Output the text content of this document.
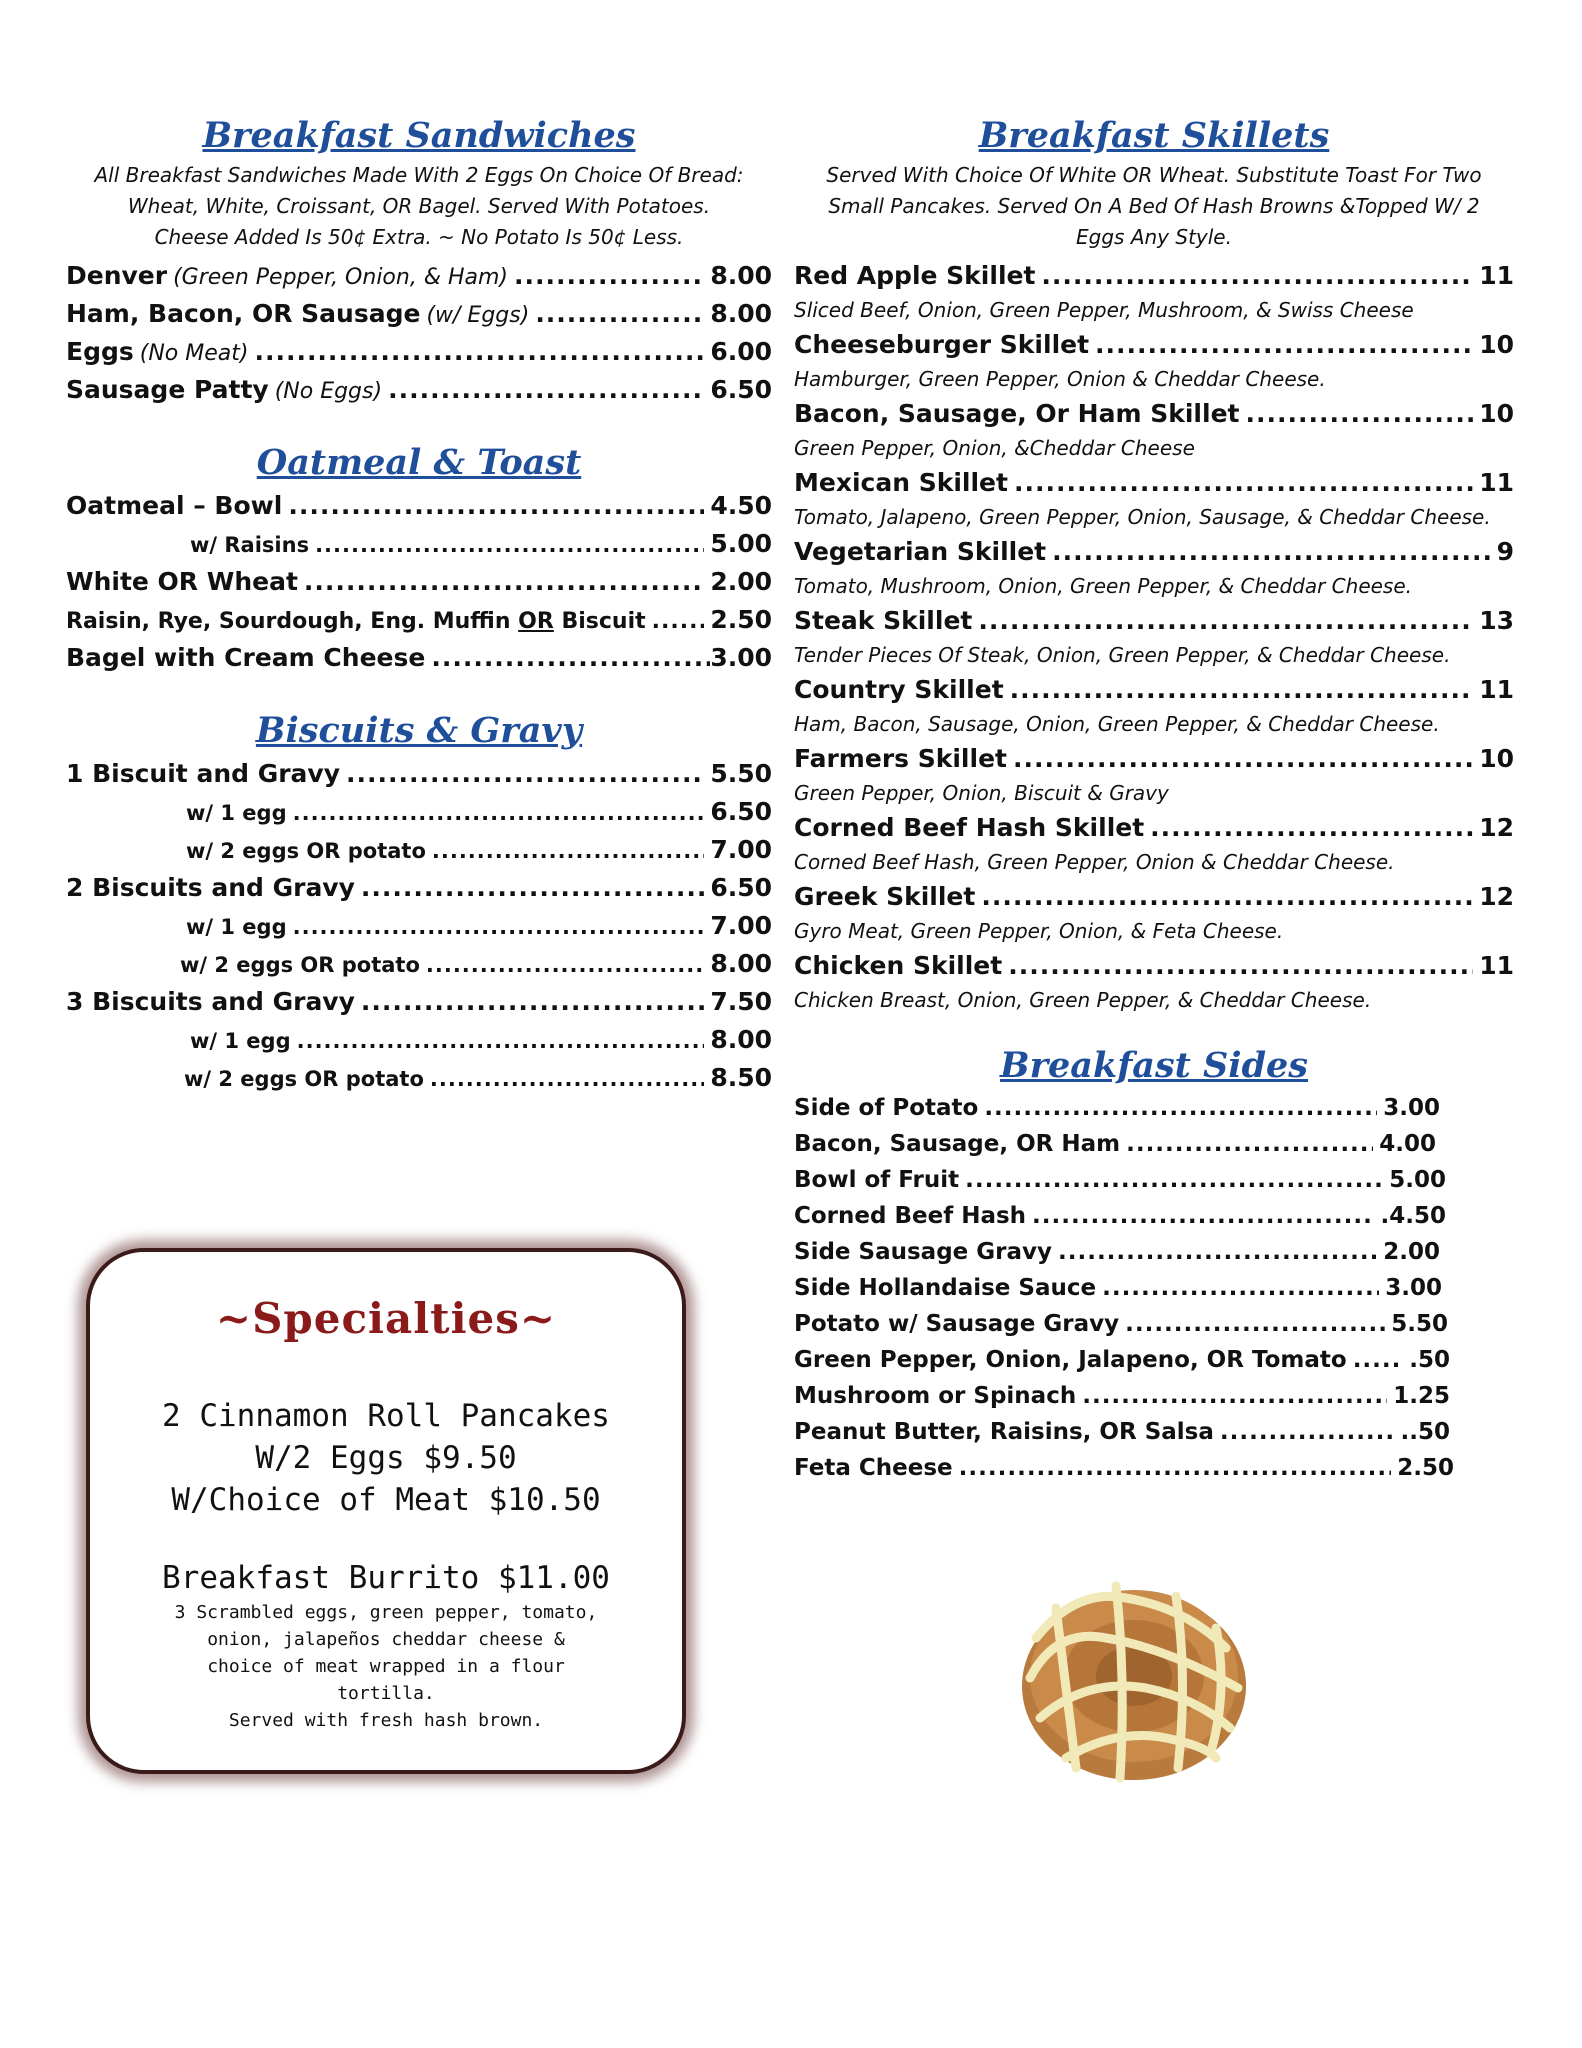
Breakfast Sandwiches
All Breakfast Sandwiches Made With 2 Eggs On Choice Of Bread:
Wheat, White, Croissant, OR Bagel. Served With Potatoes.
Cheese Added Is 50¢ Extra. ~ No Potato Is 50¢ Less.
Denver (Green Pepper, Onion, & Ham) .....	8.00
Ham, Bacon, OR Sausage (w/ Eggs) .....	8.00
Eggs (No Meat) .....	6.00
Sausage Patty (No Eggs) .....	6.50
Oatmeal & Toast
Oatmeal – Bowl .....	4.50
w/ Raisins .....	5.00
White OR Wheat .....	2.00
Raisin, Rye, Sourdough, Eng. Muffin OR Biscuit .....	2.50
Bagel with Cream Cheese .....	3.00
Biscuits & Gravy
1 Biscuit and Gravy .....	5.50
w/ 1 egg .....	6.50
w/ 2 eggs OR potato .....	7.00
2 Biscuits and Gravy .....	6.50
w/ 1 egg .....	7.00
w/ 2 eggs OR potato .....	8.00
3 Biscuits and Gravy .....	7.50
w/ 1 egg .....	8.00
w/ 2 eggs OR potato .....	8.50
~Specialties~
2 Cinnamon Roll Pancakes
W/2 Eggs $9.50
W/Choice of Meat $10.50
Breakfast Burrito $11.00
3 Scrambled eggs, green pepper, tomato,
onion, jalapeños cheddar cheese &
choice of meat wrapped in a flour
tortilla.
Served with fresh hash brown.
Breakfast Skillets
Served With Choice Of White OR Wheat. Substitute Toast For Two
Small Pancakes. Served On A Bed Of Hash Browns &Topped W/ 2
Eggs Any Style.
Red Apple Skillet .....	11
Sliced Beef, Onion, Green Pepper, Mushroom, & Swiss Cheese
Cheeseburger Skillet .....	10
Hamburger, Green Pepper, Onion & Cheddar Cheese.
Bacon, Sausage, Or Ham Skillet .....	10
Green Pepper, Onion, &Cheddar Cheese
Mexican Skillet .....	11
Tomato, Jalapeno, Green Pepper, Onion, Sausage, & Cheddar Cheese.
Vegetarian Skillet .....	9
Tomato, Mushroom, Onion, Green Pepper, & Cheddar Cheese.
Steak Skillet .....	13
Tender Pieces Of Steak, Onion, Green Pepper, & Cheddar Cheese.
Country Skillet .....	11
Ham, Bacon, Sausage, Onion, Green Pepper, & Cheddar Cheese.
Farmers Skillet .....	10
Green Pepper, Onion, Biscuit & Gravy
Corned Beef Hash Skillet .....	12
Corned Beef Hash, Green Pepper, Onion & Cheddar Cheese.
Greek Skillet .....	12
Gyro Meat, Green Pepper, Onion, & Feta Cheese.
Chicken Skillet .....	11
Chicken Breast, Onion, Green Pepper, & Cheddar Cheese.
Breakfast Sides
Side of Potato .....	3.00
Bacon, Sausage, OR Ham .....	4.00
Bowl of Fruit .....	5.00
Corned Beef Hash .....	.4.50
Side Sausage Gravy .....	2.00
Side Hollandaise Sauce .....	3.00
Potato w/ Sausage Gravy .....	5.50
Green Pepper, Onion, Jalapeno, OR Tomato .....	.50
Mushroom or Spinach .....	1.25
Peanut Butter, Raisins, OR Salsa .....	..50
Feta Cheese .....	2.50
